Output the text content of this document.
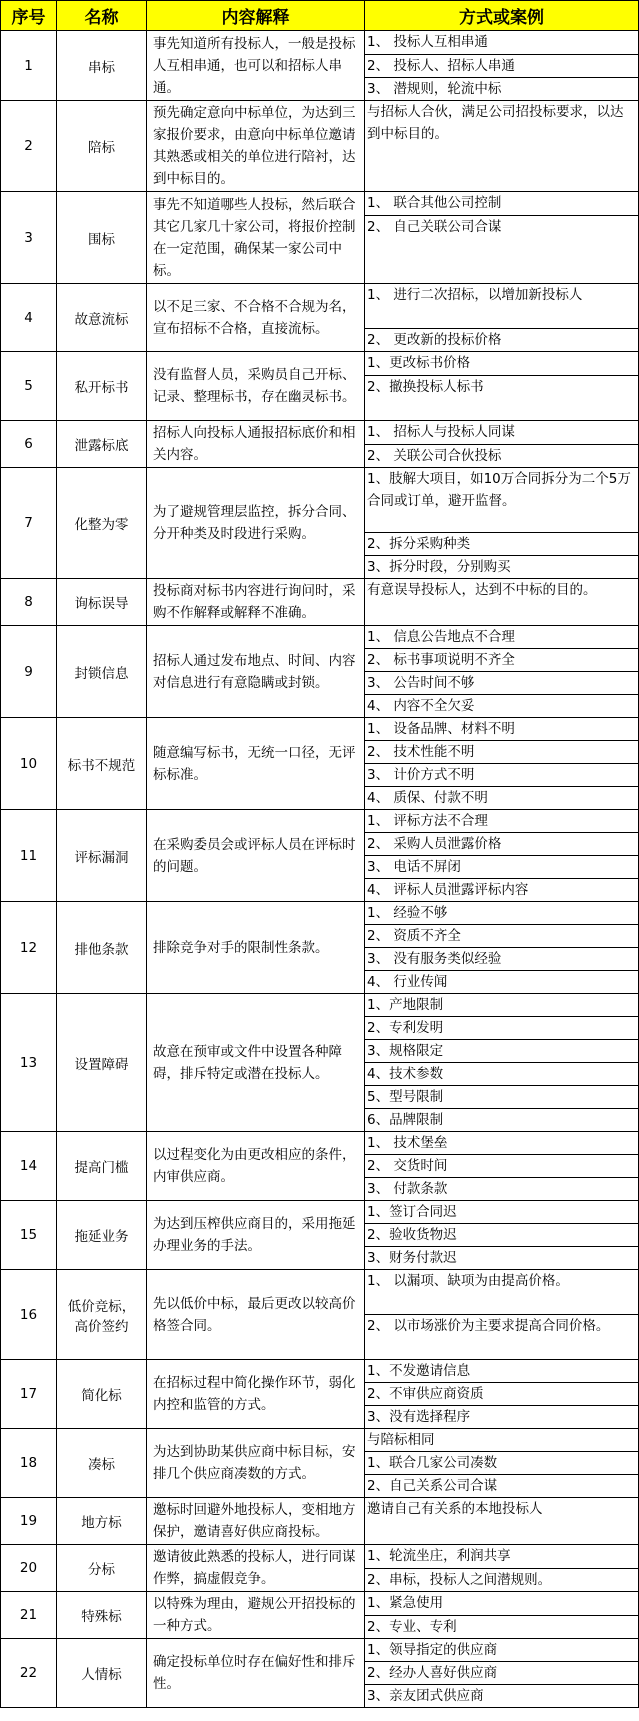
序号	名称	内容解释	方式或案例
1	串标	事先知道所有投标人，一般是投标人互相串通，也可以和招标人串通。	1、 投标人互相串通

			2、 投标人、招标人串通

			3、 潜规则，轮流中标

2	陪标	预先确定意向中标单位，为达到三家报价要求，由意向中标单位邀请其熟悉或相关的单位进行陪衬，达到中标目的。	与招标人合伙，满足公司招投标要求，以达到中标目的。

3	围标	事先不知道哪些人投标，然后联合其它几家几十家公司，将报价控制在一定范围，确保某一家公司中标。	1、 联合其他公司控制

			2、 自己关联公司合谋

4	故意流标	以不足三家、不合格不合规为名，宣布招标不合格，直接流标。	1、 进行二次招标，以增加新投标人

			2、 更改新的投标价格

5	私开标书	没有监督人员，采购员自己开标、记录、整理标书，存在幽灵标书。	1、更改标书价格

			2、撤换投标人标书

6	泄露标底	招标人向投标人通报招标底价和相关内容。	1、 招标人与投标人同谋

			2、 关联公司合伙投标

7	化整为零	为了避规管理层监控，拆分合同、分开种类及时段进行采购。	1、肢解大项目，如10万合同拆分为二个5万合同或订单，避开监督。

			2、拆分采购种类

			3、拆分时段，分别购买

8	询标误导	投标商对标书内容进行询问时，采购不作解释或解释不准确。	有意误导投标人，达到不中标的目的。

9	封锁信息	招标人通过发布地点、时间、内容对信息进行有意隐瞒或封锁。	1、 信息公告地点不合理

			2、 标书事项说明不齐全

			3、 公告时间不够

			4、 内容不全欠妥

10	标书不规范	随意编写标书，无统一口径，无评标标准。	1、 设备品牌、材料不明

			2、 技术性能不明

			3、 计价方式不明

			4、 质保、付款不明

11	评标漏洞	在采购委员会或评标人员在评标时的问题。	1、 评标方法不合理

			2、 采购人员泄露价格

			3、 电话不屏闭

			4、 评标人员泄露评标内容

12	排他条款	排除竞争对手的限制性条款。	1、 经验不够

			2、 资质不齐全

			3、 没有服务类似经验

			4、 行业传闻

13	设置障碍	故意在预审或文件中设置各种障碍，排斥特定或潜在投标人。	1、产地限制

			2、专利发明

			3、规格限定

			4、技术参数

			5、型号限制

			6、品牌限制

14	提高门槛	以过程变化为由更改相应的条件，内审供应商。	1、 技术堡垒

			2、 交货时间

			3、 付款条款

15	拖延业务	为达到压榨供应商目的，采用拖延办理业务的手法。	1、签订合同迟

			2、验收货物迟

			3、财务付款迟

16	低价竞标，
高价签约	先以低价中标，最后更改以较高价格签合同。	1、 以漏项、缺项为由提高价格。

			2、 以市场涨价为主要求提高合同价格。

17	简化标	在招标过程中简化操作环节，弱化内控和监管的方式。	1、不发邀请信息

			2、不审供应商资质

			3、没有选择程序

18	凑标	为达到协助某供应商中标目标，安排几个供应商凑数的方式。	与陪标相同

			1、联合几家公司凑数

			2、自己关系公司合谋

19	地方标	邀标时回避外地投标人，变相地方保护，邀请喜好供应商投标。	邀请自己有关系的本地投标人

20	分标	邀请彼此熟悉的投标人，进行同谋作弊，搞虚假竞争。	1、轮流坐庄，利润共享

			2、串标，投标人之间潜规则。

21	特殊标	以特殊为理由，避规公开招投标的一种方式。	1、紧急使用

			2、专业、专利

22	人情标	确定投标单位时存在偏好性和排斥性。	1、领导指定的供应商

			2、经办人喜好供应商

			3、亲友团式供应商
